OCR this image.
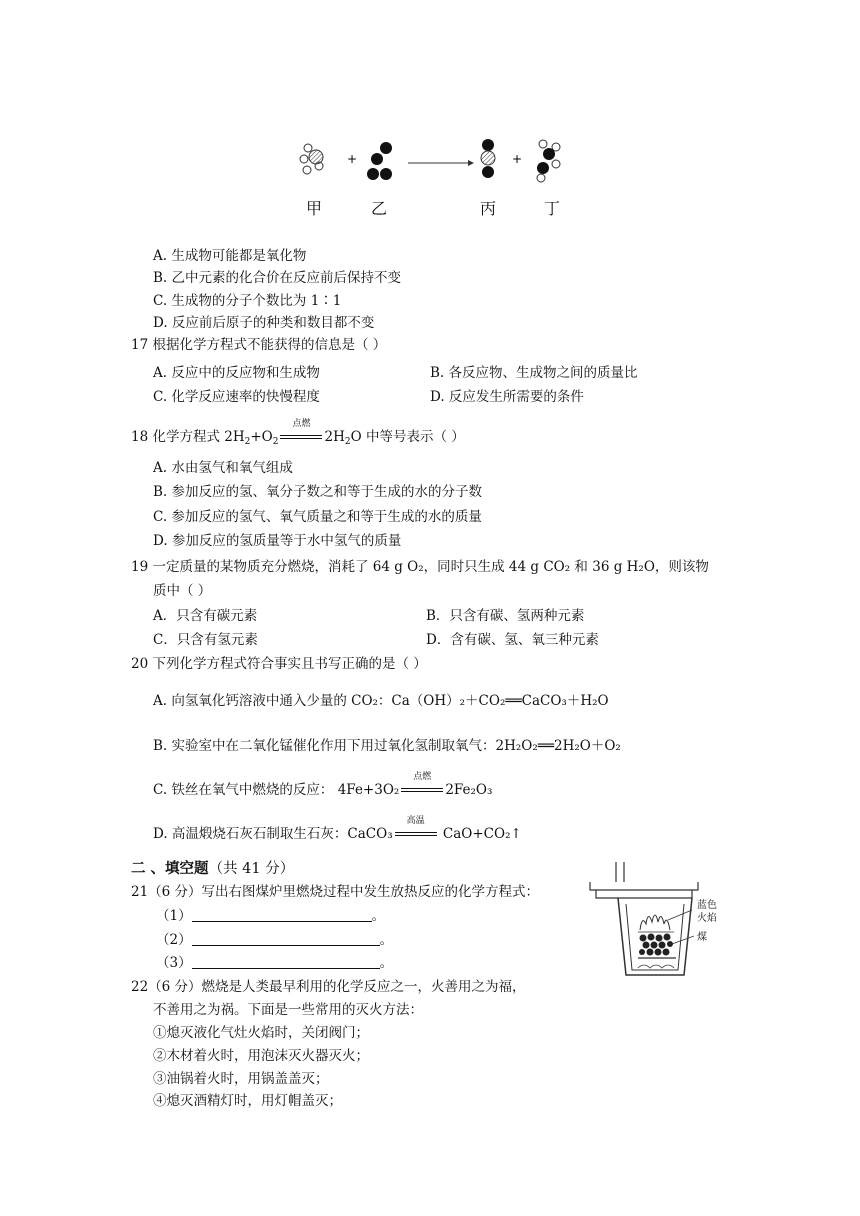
+	+
甲	乙	丙	丁
A. 生成物可能都是氧化物
B. 乙中元素的化合价在反应前后保持不变
C. 生成物的分子个数比为 1∶1
D. 反应前后原子的种类和数目都不变
17 根据化学方程式不能获得的信息是（ ）
A. 反应中的反应物和生成物	B. 各反应物、生成物之间的质量比
C. 化学反应速率的快慢程度	D. 反应发生所需要的条件
18 化学方程式 $2H_2+O_2$
点燃
$2H_2O$ 中等号表示（ ）
A. 水由氢气和氧气组成
B. 参加反应的氢、氧分子数之和等于生成的水的分子数
C. 参加反应的氢气、氧气质量之和等于生成的水的质量
D. 参加反应的氢质量等于水中氢气的质量
19 一定质量的某物质充分燃烧，消耗了 64 g O₂，同时只生成 44 g CO₂ 和 36 g H₂O，则该物
质中（ ）
A．只含有碳元素	B．只含有碳、氢两种元素
C．只含有氢元素	D．含有碳、氢、氧三种元素
20 下列化学方程式符合事实且书写正确的是（ ）
A. 向氢氧化钙溶液中通入少量的 CO₂：Ca（OH）₂＋CO₂══CaCO₃＋H₂O
B. 实验室中在二氧化锰催化作用下用过氧化氢制取氧气：2H₂O₂══2H₂O＋O₂
C. 铁丝在氧气中燃烧的反应： 4Fe+3O₂
点燃
2Fe₂O₃
D. 高温煅烧石灰石制取生石灰：CaCO₃
高温
CaO+CO₂↑
二 、填空题（共 41 分）
21（6 分）写出右图煤炉里燃烧过程中发生放热反应的化学方程式：
（1）	。
（2）	。
（3）	。
蓝色
火焰
煤
22（6 分）燃烧是人类最早利用的化学反应之一，火善用之为福，
不善用之为祸。下面是一些常用的灭火方法：
①熄灭液化气灶火焰时，关闭阀门；
②木材着火时，用泡沫灭火器灭火；
③油锅着火时，用锅盖盖灭；
④熄灭酒精灯时，用灯帽盖灭；
